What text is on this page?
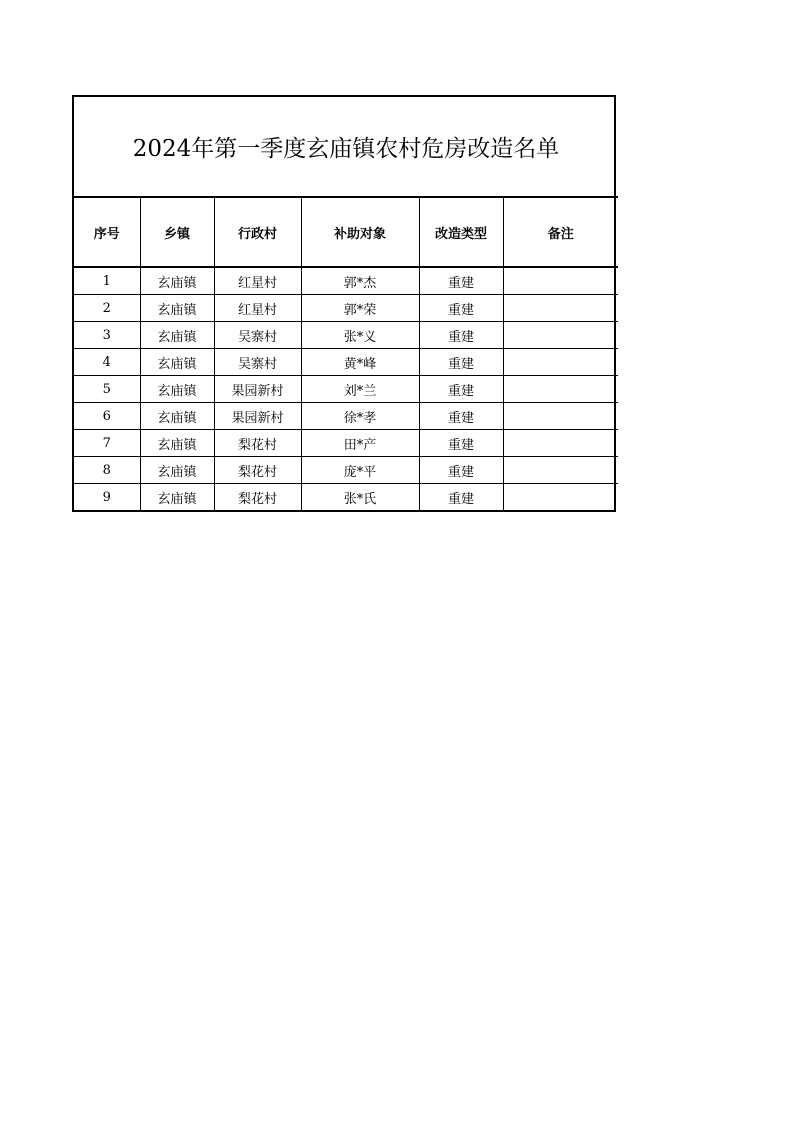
2024年第一季度玄庙镇农村危房改造名单					
序号	乡镇	行政村	补助对象	改造类型	备注
1	玄庙镇	红星村	郭*杰	重建	
2	玄庙镇	红星村	郭*荣	重建	
3	玄庙镇	吴寨村	张*义	重建	
4	玄庙镇	吴寨村	黄*峰	重建	
5	玄庙镇	果园新村	刘*兰	重建	
6	玄庙镇	果园新村	徐*孝	重建	
7	玄庙镇	梨花村	田*产	重建	
8	玄庙镇	梨花村	庞*平	重建	
9	玄庙镇	梨花村	张*氏	重建	
